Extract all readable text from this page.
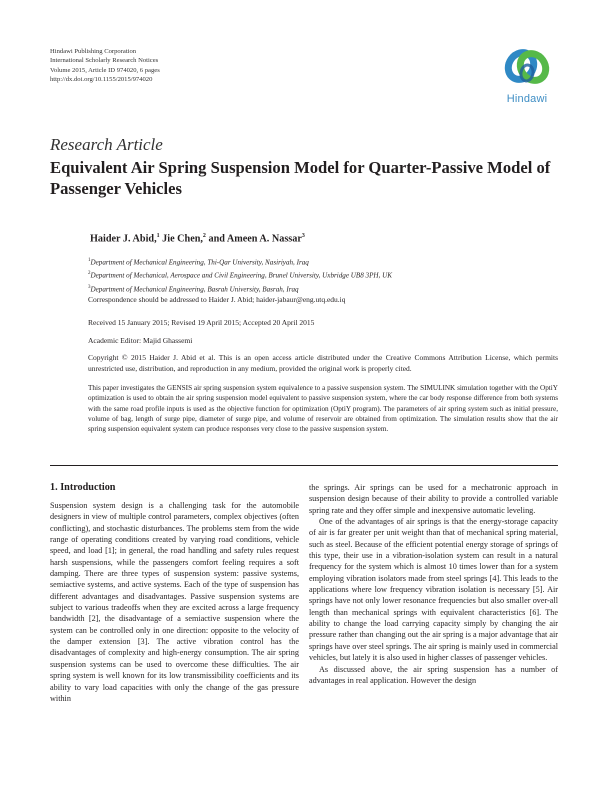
Hindawi Publishing Corporation
International Scholarly Research Notices
Volume 2015, Article ID 974020, 6 pages
http://dx.doi.org/10.1155/2015/974020
Hindawi
Research Article
Equivalent Air Spring Suspension Model for Quarter-Passive Model of Passenger Vehicles
Haider J. Abid,$^1$ Jie Chen,$^2$ and Ameen A. Nassar$^3$
$^1$Department of Mechanical Engineering, Thi-Qar University, Nasiriyah, Iraq
$^2$Department of Mechanical, Aerospace and Civil Engineering, Brunel University, Uxbridge UB8 3PH, UK
$^3$Department of Mechanical Engineering, Basrah University, Basrah, Iraq
Correspondence should be addressed to Haider J. Abid; haider-jabaur@eng.utq.edu.iq
Received 15 January 2015; Revised 19 April 2015; Accepted 20 April 2015
Academic Editor: Majid Ghassemi
Copyright © 2015 Haider J. Abid et al. This is an open access article distributed under the Creative Commons Attribution License, which permits unrestricted use, distribution, and reproduction in any medium, provided the original work is properly cited.
This paper investigates the GENSIS air spring suspension system equivalence to a passive suspension system. The SIMULINK simulation together with the OptiY optimization is used to obtain the air spring suspension model equivalent to passive suspension system, where the car body response difference from both systems with the same road profile inputs is used as the objective function for optimization (OptiY program). The parameters of air spring system such as initial pressure, volume of bag, length of surge pipe, diameter of surge pipe, and volume of reservoir are obtained from optimization. The simulation results show that the air spring suspension equivalent system can produce responses very close to the passive suspension system.
1. Introduction

Suspension system design is a challenging task for the automobile designers in view of multiple control parameters, complex objectives (often conflicting), and stochastic disturbances. The problems stem from the wide range of operating conditions created by varying road conditions, vehicle speed, and load [1]; in general, the road handling and safety rules request harsh suspensions, while the passengers comfort feeling requires a soft damping. There are three types of suspension system: passive systems, semiactive systems, and active systems. Each of the type of suspension has different advantages and disadvantages. Passive suspension systems are subject to various tradeoffs when they are excited across a large frequency bandwidth [2], the disadvantage of a semiactive suspension where the system can be controlled only in one direction: opposite to the velocity of the damper extension [3]. The active vibration control has the disadvantages of complexity and high-energy consumption. The air spring suspension systems can be used to overcome these difficulties. The air spring system is well known for its low transmissibility coefficients and its ability to vary load capacities with only the change of the gas pressure within

the springs. Air springs can be used for a mechatronic approach in suspension design because of their ability to provide a controlled variable spring rate and they offer simple and inexpensive automatic leveling.

One of the advantages of air springs is that the energy-storage capacity of air is far greater per unit weight than that of mechanical spring material, such as steel. Because of the efficient potential energy storage of springs of this type, their use in a vibration-isolation system can result in a natural frequency for the system which is almost 10 times lower than for a system employing vibration isolators made from steel springs [4]. This leads to the applications where low frequency vibration isolation is necessary [5]. Air springs have not only lower resonance frequencies but also smaller over-all length than mechanical springs with equivalent characteristics [6]. The ability to change the load carrying capacity simply by changing the air pressure rather than changing out the air spring is a major advantage that air springs have over steel springs. The air spring is mainly used in commercial vehicles, but lately it is also used in higher classes of passenger vehicles.

As discussed above, the air spring suspension has a number of advantages in real application. However the design
